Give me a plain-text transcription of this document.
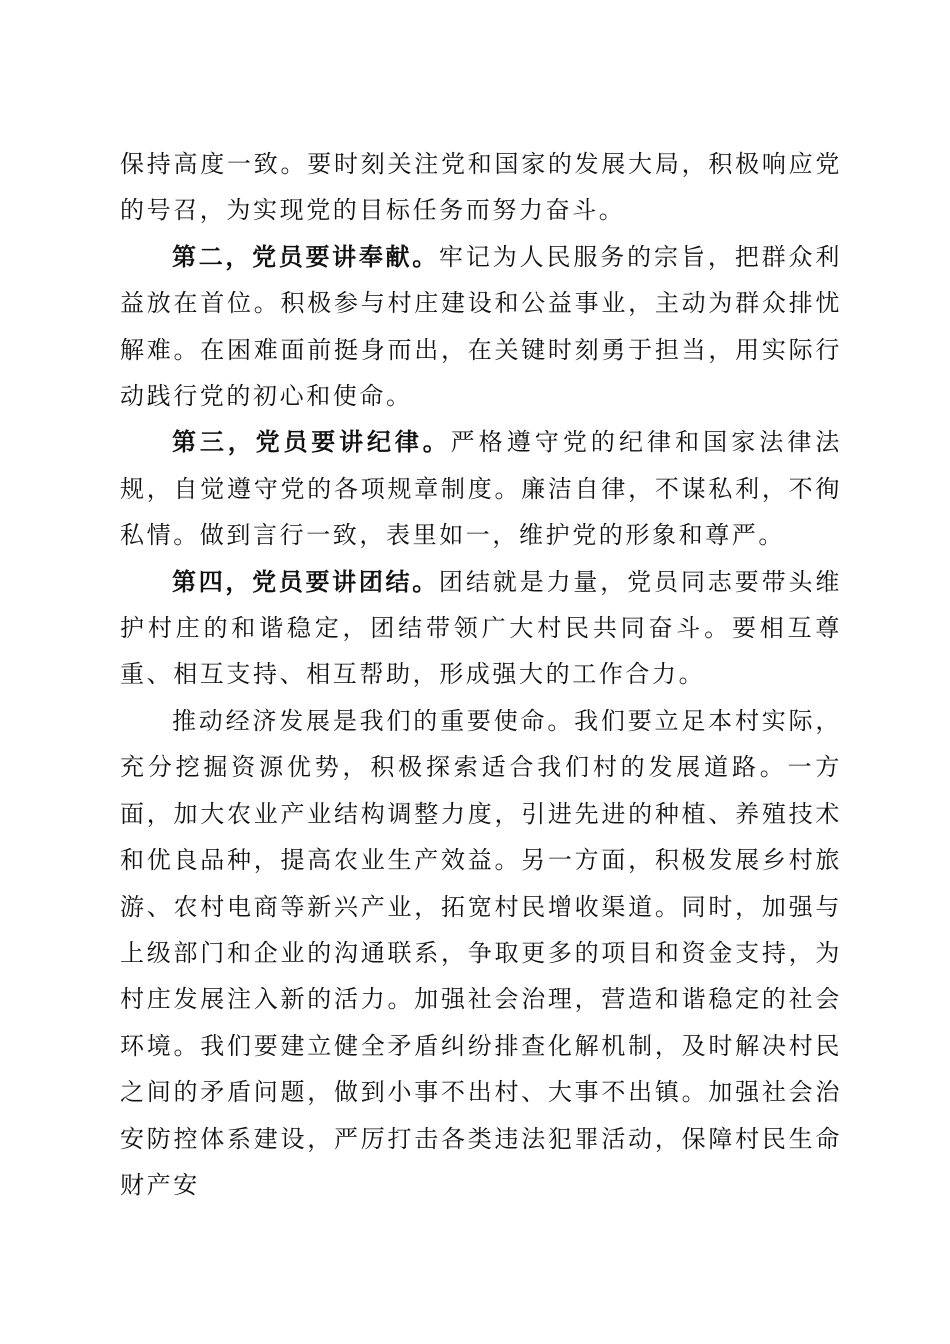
保持高度一致。要时刻关注党和国家的发展大局，积极响应党的号召，为实现党的目标任务而努力奋斗。

第二，党员要讲奉献。牢记为人民服务的宗旨，把群众利益放在首位。积极参与村庄建设和公益事业，主动为群众排忧解难。在困难面前挺身而出，在关键时刻勇于担当，用实际行动践行党的初心和使命。

第三，党员要讲纪律。严格遵守党的纪律和国家法律法规，自觉遵守党的各项规章制度。廉洁自律，不谋私利，不徇私情。做到言行一致，表里如一，维护党的形象和尊严。

第四，党员要讲团结。团结就是力量，党员同志要带头维护村庄的和谐稳定，团结带领广大村民共同奋斗。要相互尊重、相互支持、相互帮助，形成强大的工作合力。

推动经济发展是我们的重要使命。我们要立足本村实际，充分挖掘资源优势，积极探索适合我们村的发展道路。一方面，加大农业产业结构调整力度，引进先进的种植、养殖技术和优良品种，提高农业生产效益。另一方面，积极发展乡村旅游、农村电商等新兴产业，拓宽村民增收渠道。同时，加强与上级部门和企业的沟通联系，争取更多的项目和资金支持，为村庄发展注入新的活力。加强社会治理，营造和谐稳定的社会环境。我们要建立健全矛盾纠纷排查化解机制，及时解决村民之间的矛盾问题，做到小事不出村、大事不出镇。加强社会治安防控体系建设，严厉打击各类违法犯罪活动，保障村民生命财产安
